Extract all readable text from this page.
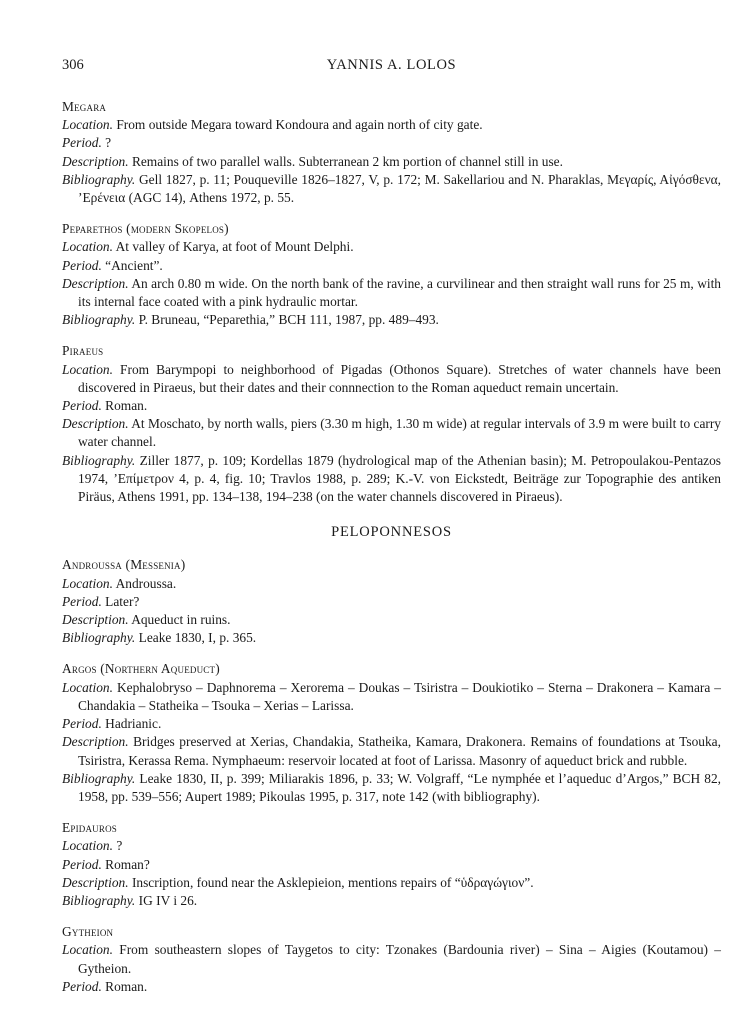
306	YANNIS A. LOLOS
Megara
Location. From outside Megara toward Kondoura and again north of city gate.
Period. ?
Description. Remains of two parallel walls. Subterranean 2 km portion of channel still in use.
Bibliography. Gell 1827, p. 11; Pouqueville 1826–1827, V, p. 172; M. Sakellariou and N. Pharaklas, Μεγαρίς, Αἰγόσθενα, ’Ερένεια (AGC 14), Athens 1972, p. 55.
Peparethos (modern Skopelos)
Location. At valley of Karya, at foot of Mount Delphi.
Period. “Ancient”.
Description. An arch 0.80 m wide. On the north bank of the ravine, a curvilinear and then straight wall runs for 25 m, with its internal face coated with a pink hydraulic mortar.
Bibliography. P. Bruneau, “Peparethia,” BCH 111, 1987, pp. 489–493.
Piraeus
Location. From Barympopi to neighborhood of Pigadas (Othonos Square). Stretches of water channels have been discovered in Piraeus, but their dates and their connnection to the Roman aqueduct remain uncertain.
Period. Roman.
Description. At Moschato, by north walls, piers (3.30 m high, 1.30 m wide) at regular intervals of 3.9 m were built to carry water channel.
Bibliography. Ziller 1877, p. 109; Kordellas 1879 (hydrological map of the Athenian basin); M. Petropoulakou-Pentazos 1974, ’Επίμετρον 4, p. 4, fig. 10; Travlos 1988, p. 289; K.-V. von Eickstedt, Beiträge zur Topographie des antiken Piräus, Athens 1991, pp. 134–138, 194–238 (on the water channels discovered in Piraeus).
PELOPONNESOS
Androussa (Messenia)
Location. Androussa.
Period. Later?
Description. Aqueduct in ruins.
Bibliography. Leake 1830, I, p. 365.
Argos (Northern Aqueduct)
Location. Kephalobryso – Daphnorema – Xerorema – Doukas – Tsiristra – Doukiotiko – Sterna – Drakonera – Kamara – Chandakia – Statheika – Tsouka – Xerias – Larissa.
Period. Hadrianic.
Description. Bridges preserved at Xerias, Chandakia, Statheika, Kamara, Drakonera. Remains of foundations at Tsouka, Tsiristra, Kerassa Rema. Nymphaeum: reservoir located at foot of Larissa. Masonry of aqueduct brick and rubble.
Bibliography. Leake 1830, II, p. 399; Miliarakis 1896, p. 33; W. Volgraff, “Le nymphée et l’aqueduc d’Argos,” BCH 82, 1958, pp. 539–556; Aupert 1989; Pikoulas 1995, p. 317, note 142 (with bibliography).
Epidauros
Location. ?
Period. Roman?
Description. Inscription, found near the Asklepieion, mentions repairs of “ὑδραγώγιον”.
Bibliography. IG IV i 26.
Gytheion
Location. From southeastern slopes of Taygetos to city: Tzonakes (Bardounia river) – Sina – Aigies (Koutamou) – Gytheion.
Period. Roman.
